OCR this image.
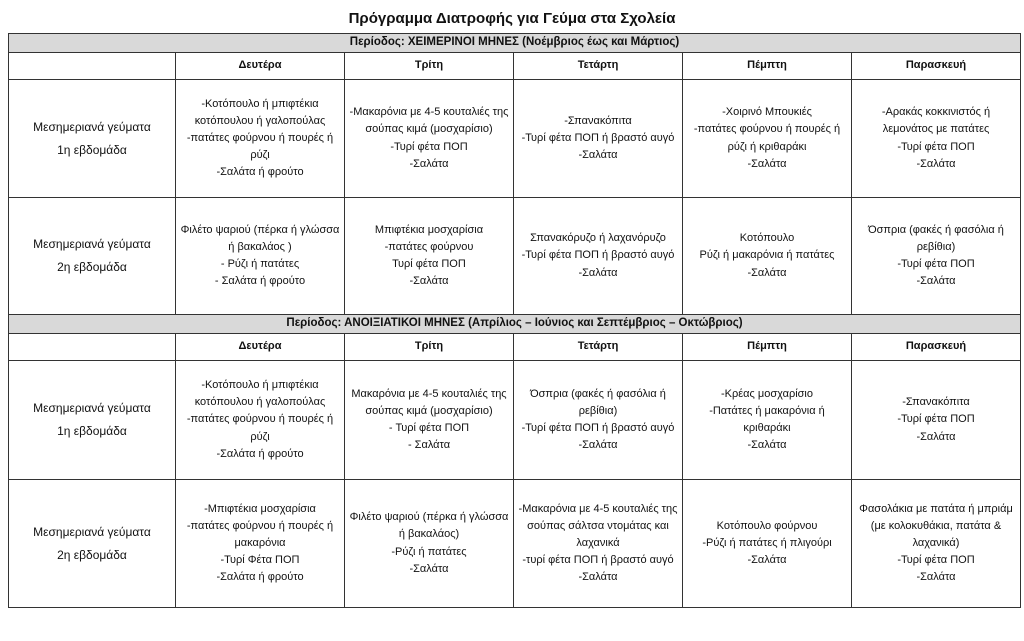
Πρόγραμμα Διατροφής για Γεύμα στα Σχολεία
Περίοδος: ΧΕΙΜΕΡΙΝΟΙ ΜΗΝΕΣ (Νοέμβριος έως και Μάρτιος)					
	Δευτέρα	Τρίτη	Τετάρτη	Πέμπτη	Παρασκευή

Μεσημεριανά γεύματα
1η εβδομάδα	-Κοτόπουλο ή μπιφτέκια κοτόπουλου ή γαλοπούλας
-πατάτες φούρνου ή πουρές ή ρύζι
-Σαλάτα ή φρούτο	-Μακαρόνια με 4-5 κουταλιές της σούπας κιμά (μοσχαρίσιο)
-Τυρί φέτα ΠΟΠ
-Σαλάτα	-Σπανακόπιτα
-Τυρί φέτα ΠΟΠ ή βραστό αυγό
-Σαλάτα	-Χοιρινό Μπουκιές
-πατάτες φούρνου ή πουρές ή ρύζι ή κριθαράκι
-Σαλάτα	-Αρακάς κοκκινιστός ή λεμονάτος με πατάτες
-Τυρί φέτα ΠΟΠ
-Σαλάτα

Μεσημεριανά γεύματα
2η εβδομάδα	Φιλέτο ψαριού (πέρκα ή γλώσσα ή βακαλάος )
- Ρύζι ή πατάτες
- Σαλάτα ή φρούτο	Μπιφτέκια μοσχαρίσια
-πατάτες φούρνου
Τυρί φέτα ΠΟΠ
-Σαλάτα	Σπανακόρυζο ή λαχανόρυζο
-Τυρί φέτα ΠΟΠ ή βραστό αυγό
-Σαλάτα	Κοτόπουλο
Ρύζι ή μακαρόνια ή πατάτες
-Σαλάτα	Όσπρια (φακές ή φασόλια ή ρεβίθια)
-Τυρί φέτα ΠΟΠ
-Σαλάτα

Περίοδος: ΑΝΟΙΞΙΑΤΙΚΟΙ ΜΗΝΕΣ (Απρίλιος – Ιούνιος και Σεπτέμβριος – Οκτώβριος)					
	Δευτέρα	Τρίτη	Τετάρτη	Πέμπτη	Παρασκευή

Μεσημεριανά γεύματα
1η εβδομάδα	-Κοτόπουλο ή μπιφτέκια κοτόπουλου ή γαλοπούλας
-πατάτες φούρνου ή πουρές ή ρύζι
-Σαλάτα ή φρούτο	Μακαρόνια με 4-5 κουταλιές της σούπας κιμά (μοσχαρίσιο)
- Τυρί φέτα ΠΟΠ
- Σαλάτα	Όσπρια (φακές ή φασόλια ή ρεβίθια)
-Τυρί φέτα ΠΟΠ ή βραστό αυγό
-Σαλάτα	-Κρέας μοσχαρίσιο
-Πατάτες ή μακαρόνια ή κριθαράκι
-Σαλάτα	-Σπανακόπιτα
-Τυρί φέτα ΠΟΠ
-Σαλάτα

Μεσημεριανά γεύματα
2η εβδομάδα	-Μπιφτέκια μοσχαρίσια
-πατάτες φούρνου ή πουρές ή μακαρόνια
-Τυρί Φέτα ΠΟΠ
-Σαλάτα ή φρούτο	Φιλέτο ψαριού (πέρκα ή γλώσσα ή βακαλάος)
-Ρύζι ή πατάτες
-Σαλάτα	-Μακαρόνια με 4-5 κουταλιές της σούπας σάλτσα ντομάτας και λαχανικά
-τυρί φέτα ΠΟΠ ή βραστό αυγό
-Σαλάτα	Κοτόπουλο φούρνου
-Ρύζι ή πατάτες ή πλιγούρι
-Σαλάτα	Φασολάκια με πατάτα ή μπριάμ (με κολοκυθάκια, πατάτα & λαχανικά)
-Τυρί φέτα ΠΟΠ
-Σαλάτα
